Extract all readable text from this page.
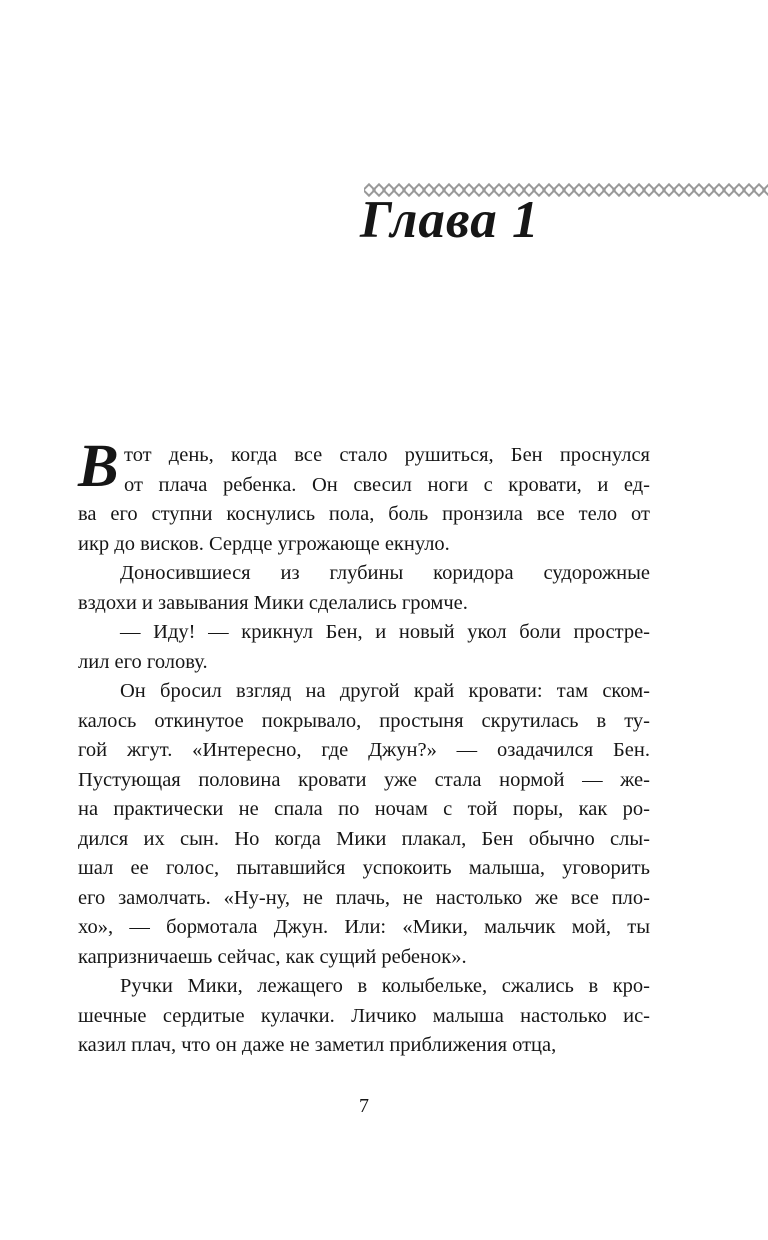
Глава 1
В тот день, когда все стало рушиться, Бен проснулся
от плача ребенка. Он свесил ноги с кровати, и ед-
ва его ступни коснулись пола, боль пронзила все тело от
икр до висков. Сердце угрожающе екнуло.
Доносившиеся из глубины коридора судорожные
вздохи и завывания Мики сделались громче.
— Иду! — крикнул Бен, и новый укол боли простре-
лил его голову.
Он бросил взгляд на другой край кровати: там ском-
калось откинутое покрывало, простыня скрутилась в ту-
гой жгут. «Интересно, где Джун?» — озадачился Бен.
Пустующая половина кровати уже стала нормой — же-
на практически не спала по ночам с той поры, как ро-
дился их сын. Но когда Мики плакал, Бен обычно слы-
шал ее голос, пытавшийся успокоить малыша, уговорить
его замолчать. «Ну-ну, не плачь, не настолько же все пло-
хо», — бормотала Джун. Или: «Мики, мальчик мой, ты
капризничаешь сейчас, как сущий ребенок».
Ручки Мики, лежащего в колыбельке, сжались в кро-
шечные сердитые кулачки. Личико малыша настолько ис-
казил плач, что он даже не заметил приближения отца,
7
